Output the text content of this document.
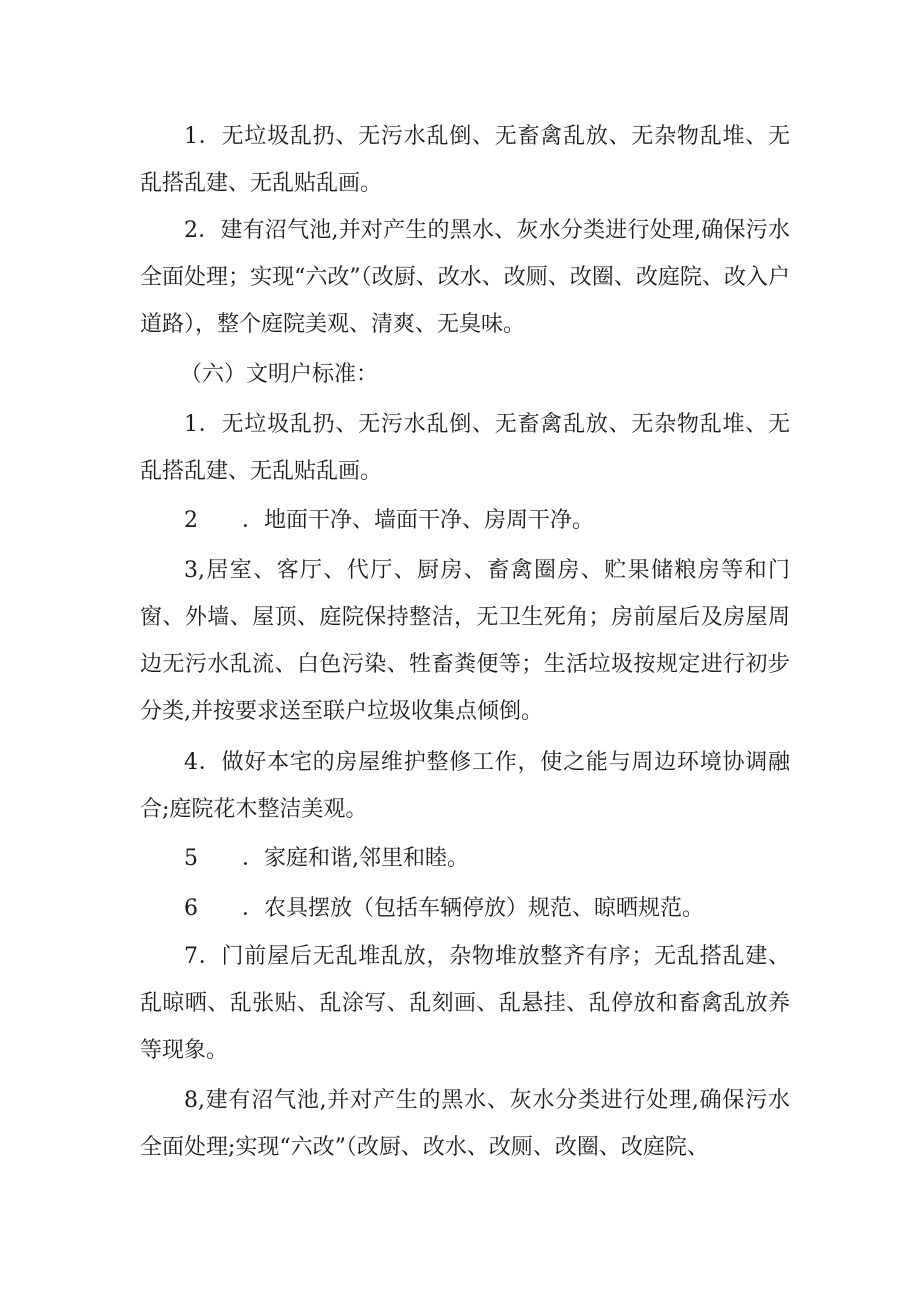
1．无垃圾乱扔、无污水乱倒、无畜禽乱放、无杂物乱堆、无乱搭乱建、无乱贴乱画。

2．建有沼气池,并对产生的黑水、灰水分类进行处理,确保污水全面处理；实现“六改”（改厨、改水、改厕、改圈、改庭院、改入户道路），整个庭院美观、清爽、无臭味。

（六）文明户标准：

1．无垃圾乱扔、无污水乱倒、无畜禽乱放、无杂物乱堆、无乱搭乱建、无乱贴乱画。

2　　．地面干净、墙面干净、房周干净。

3,居室、客厅、代厅、厨房、畜禽圈房、贮果储粮房等和门窗、外墙、屋顶、庭院保持整洁，无卫生死角；房前屋后及房屋周边无污水乱流、白色污染、牲畜粪便等；生活垃圾按规定进行初步分类,并按要求送至联户垃圾收集点倾倒。

4．做好本宅的房屋维护整修工作，使之能与周边环境协调融合;庭院花木整洁美观。

5　　．家庭和谐,邻里和睦。

6　　．农具摆放（包括车辆停放）规范、晾晒规范。

7．门前屋后无乱堆乱放，杂物堆放整齐有序；无乱搭乱建、乱晾晒、乱张贴、乱涂写、乱刻画、乱悬挂、乱停放和畜禽乱放养等现象。

8,建有沼气池,并对产生的黑水、灰水分类进行处理,确保污水全面处理;实现“六改”（改厨、改水、改厕、改圈、改庭院、
